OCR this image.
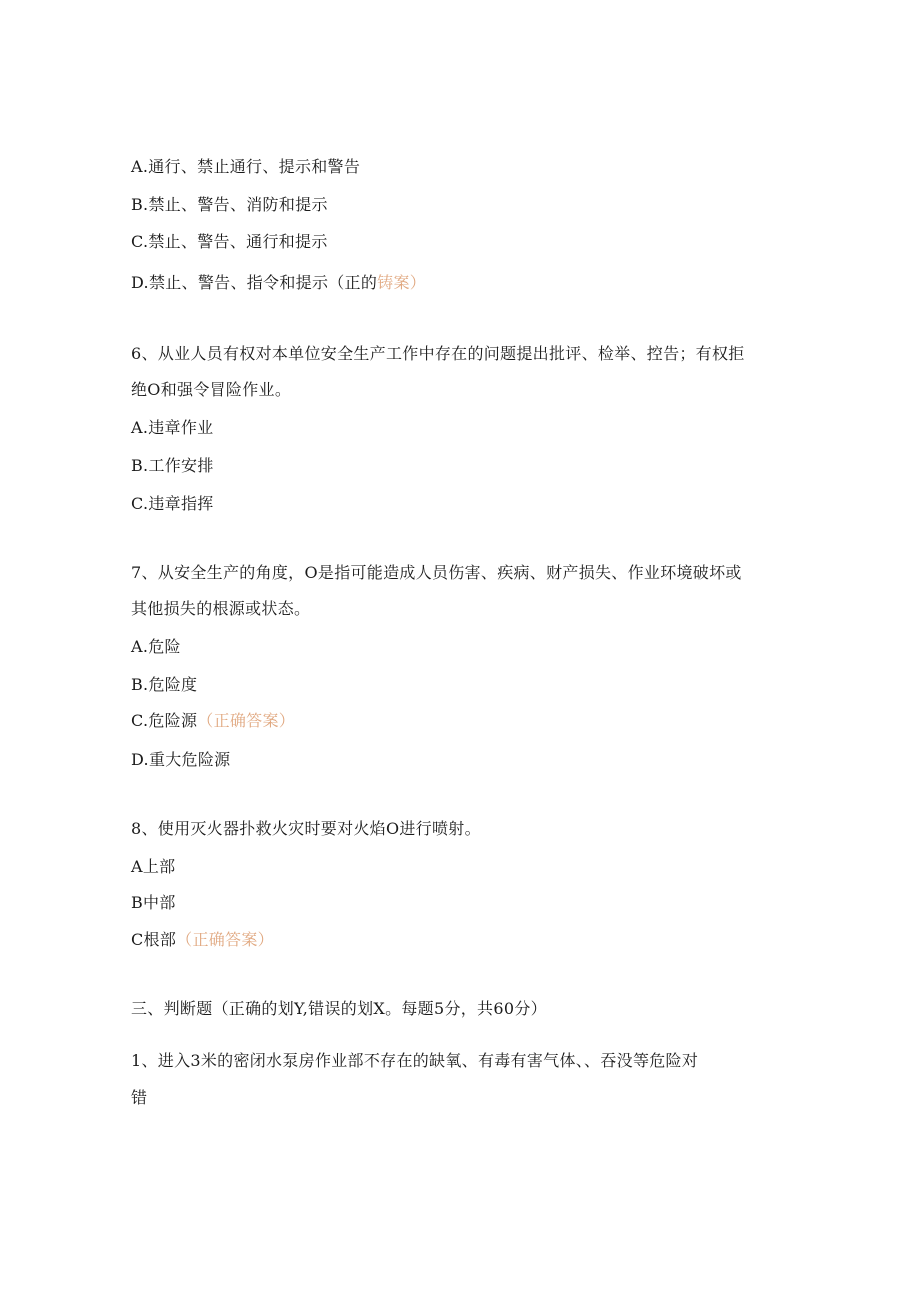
A.通行、禁止通行、提示和警告
B.禁止、警告、消防和提示
C.禁止、警告、通行和提示
D.禁止、警告、指令和提示（正的铸案）
6、从业人员有权对本单位安全生产工作中存在的问题提出批评、检举、控告；有权拒
绝O和强令冒险作业。
A.违章作业
B.工作安排
C.违章指挥
7、从安全生产的角度，O是指可能造成人员伤害、疾病、财产损失、作业环境破坏或
其他损失的根源或状态。
A.危险
B.危险度
C.危险源（正确答案）
D.重大危险源
8、使用灭火器扑救火灾时要对火焰O进行喷射。
A上部
B中部
C根部（正确答案）
三、判断题（正确的划Y,错误的划X。每题5分，共60分）
1、进入3米的密闭水泵房作业部不存在的缺氧、有毒有害气体、、吞没等危险对
错
